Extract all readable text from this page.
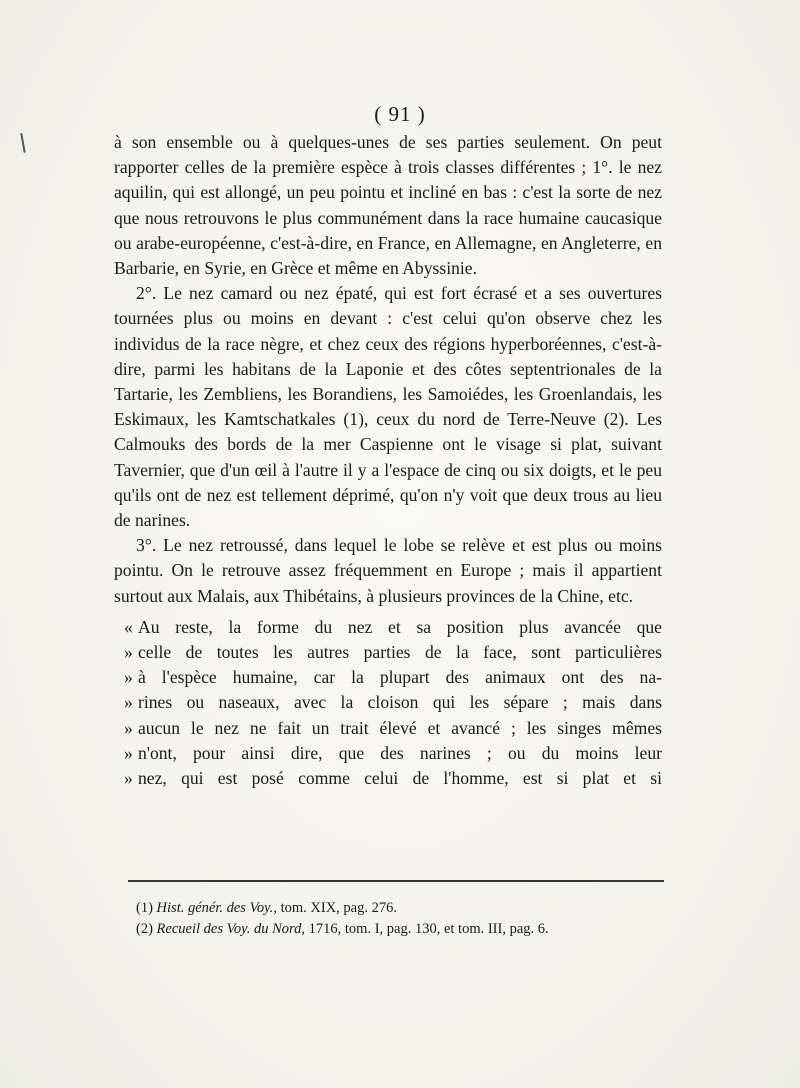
( 91 )

à son ensemble ou à quelques-unes de ses parties seulement. On peut rapporter celles de la première espèce à trois classes différentes ; 1°. le nez aquilin, qui est allongé, un peu pointu et incliné en bas : c'est la sorte de nez que nous retrouvons le plus communément dans la race humaine caucasique ou arabe-européenne, c'est-à-dire, en France, en Allemagne, en Angleterre, en Barbarie, en Syrie, en Grèce et même en Abyssinie.

2°. Le nez camard ou nez épaté, qui est fort écrasé et a ses ouvertures tournées plus ou moins en devant : c'est celui qu'on observe chez les individus de la race nègre, et chez ceux des régions hyperboréennes, c'est-à-dire, parmi les habitans de la Laponie et des côtes septentrionales de la Tartarie, les Zembliens, les Borandiens, les Samoiédes, les Groenlandais, les Eskimaux, les Kamtschatkales (1), ceux du nord de Terre-Neuve (2). Les Calmouks des bords de la mer Caspienne ont le visage si plat, suivant Tavernier, que d'un œil à l'autre il y a l'espace de cinq ou six doigts, et le peu qu'ils ont de nez est tellement déprimé, qu'on n'y voit que deux trous au lieu de narines.

3°. Le nez retroussé, dans lequel le lobe se relève et est plus ou moins pointu. On le retrouve assez fréquemment en Europe ; mais il appartient surtout aux Malais, aux Thibétains, à plusieurs provinces de la Chine, etc.

« Au reste, la forme du nez et sa position plus avancée que
» celle de toutes les autres parties de la face, sont particulières
» à l'espèce humaine, car la plupart des animaux ont des na-
» rines ou naseaux, avec la cloison qui les sépare ; mais dans
» aucun le nez ne fait un trait élevé et avancé ; les singes mêmes
» n'ont, pour ainsi dire, que des narines ; ou du moins leur
» nez, qui est posé comme celui de l'homme, est si plat et si

(1) Hist. génér. des Voy., tom. XIX, pag. 276.

(2) Recueil des Voy. du Nord, 1716, tom. I, pag. 130, et tom. III, pag. 6.
